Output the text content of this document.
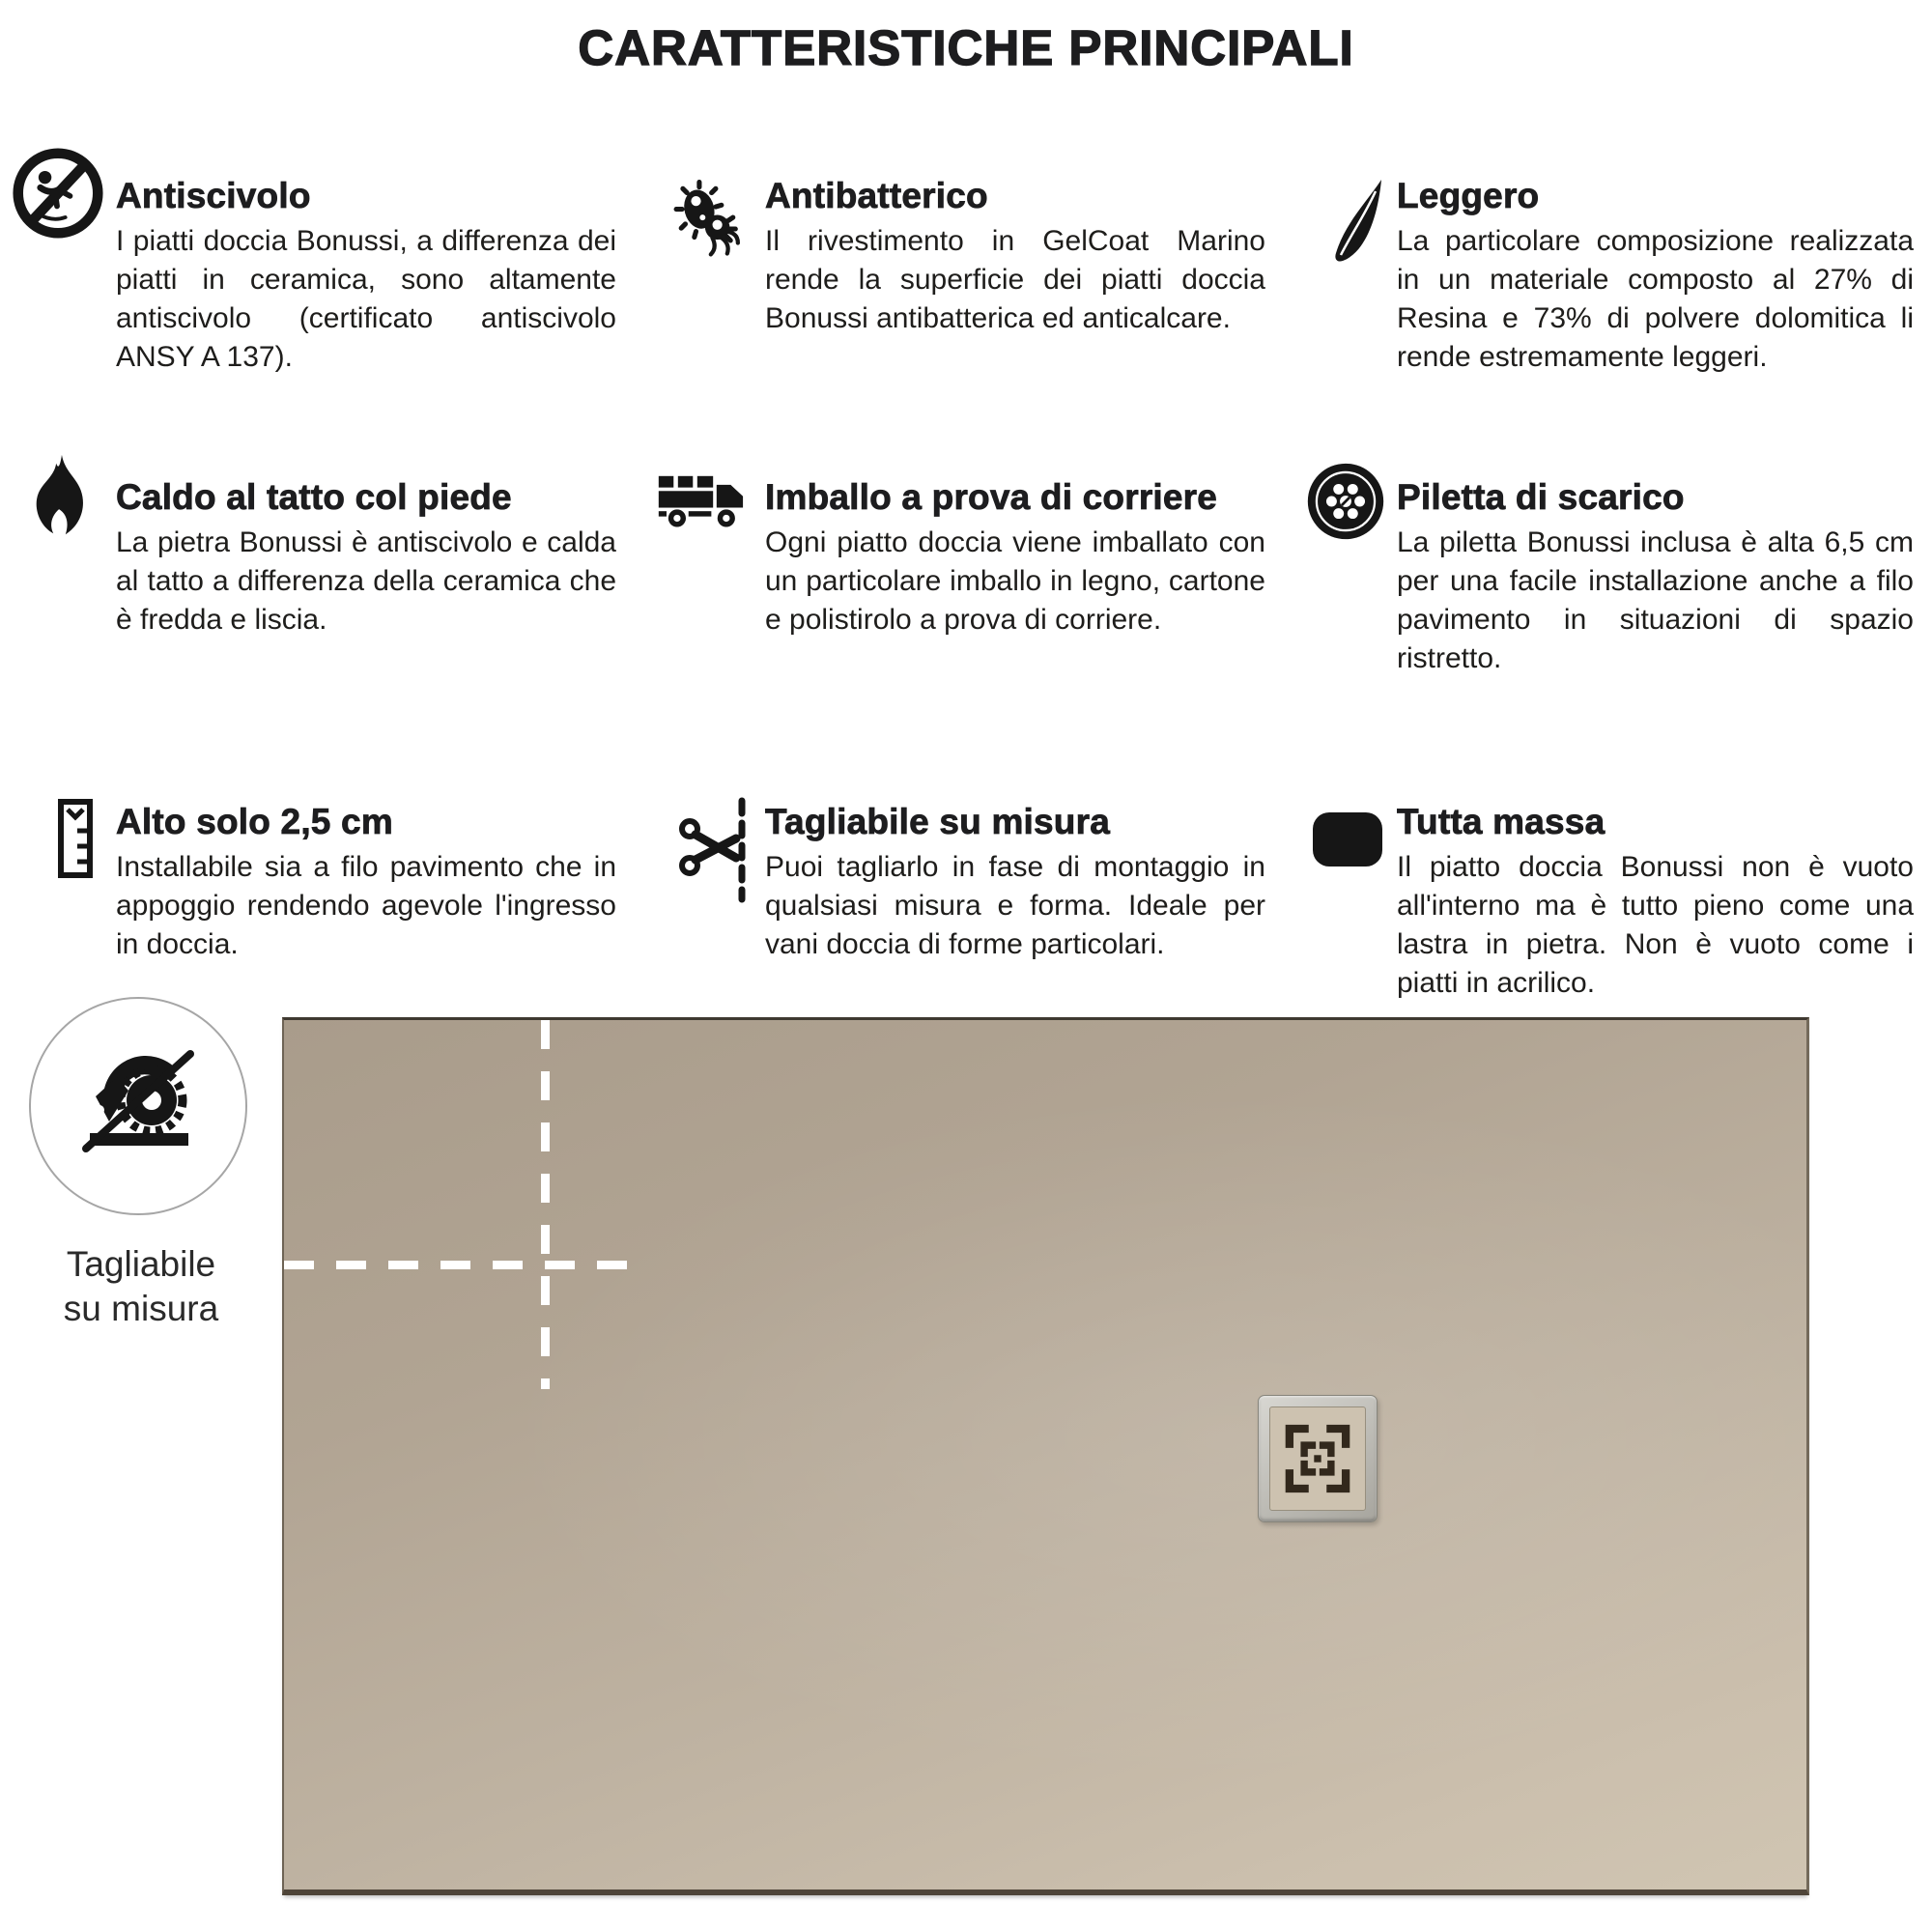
CARATTERISTICHE PRINCIPALI
Antiscivolo

I piatti doccia Bonussi, a differenza dei piatti in ceramica, sono altamente antiscivolo (certificato antiscivolo ANSY A 137).

Antibatterico

Il rivestimento in GelCoat Marino rende la superficie dei piatti doccia Bonussi antibatterica ed anticalcare.

Leggero

La particolare composizione realizzata in un materiale composto al 27% di Resina e 73% di polvere dolomitica li rende estremamente leggeri.

Caldo al tatto col piede

La pietra Bonussi è antiscivolo e calda al tatto a differenza della ceramica che è fredda e liscia.

Imballo a prova di corriere

Ogni piatto doccia viene imballato con un particolare imballo in legno, cartone e polistirolo a prova di corriere.

Piletta di scarico

La piletta Bonussi inclusa è alta 6,5 cm per una facile installazione anche a filo pavimento in situazioni di spazio ristretto.

Alto solo 2,5 cm

Installabile sia a filo pavimento che in appoggio rendendo agevole l'ingresso in doccia.

Tagliabile su misura

Puoi tagliarlo in fase di montaggio in qualsiasi misura e forma. Ideale per vani doccia di forme particolari.

Tutta massa

Il piatto doccia Bonussi non è vuoto all'interno ma è tutto pieno come una lastra in pietra. Non è vuoto come i piatti in acrilico.

Tagliabile
su misura
